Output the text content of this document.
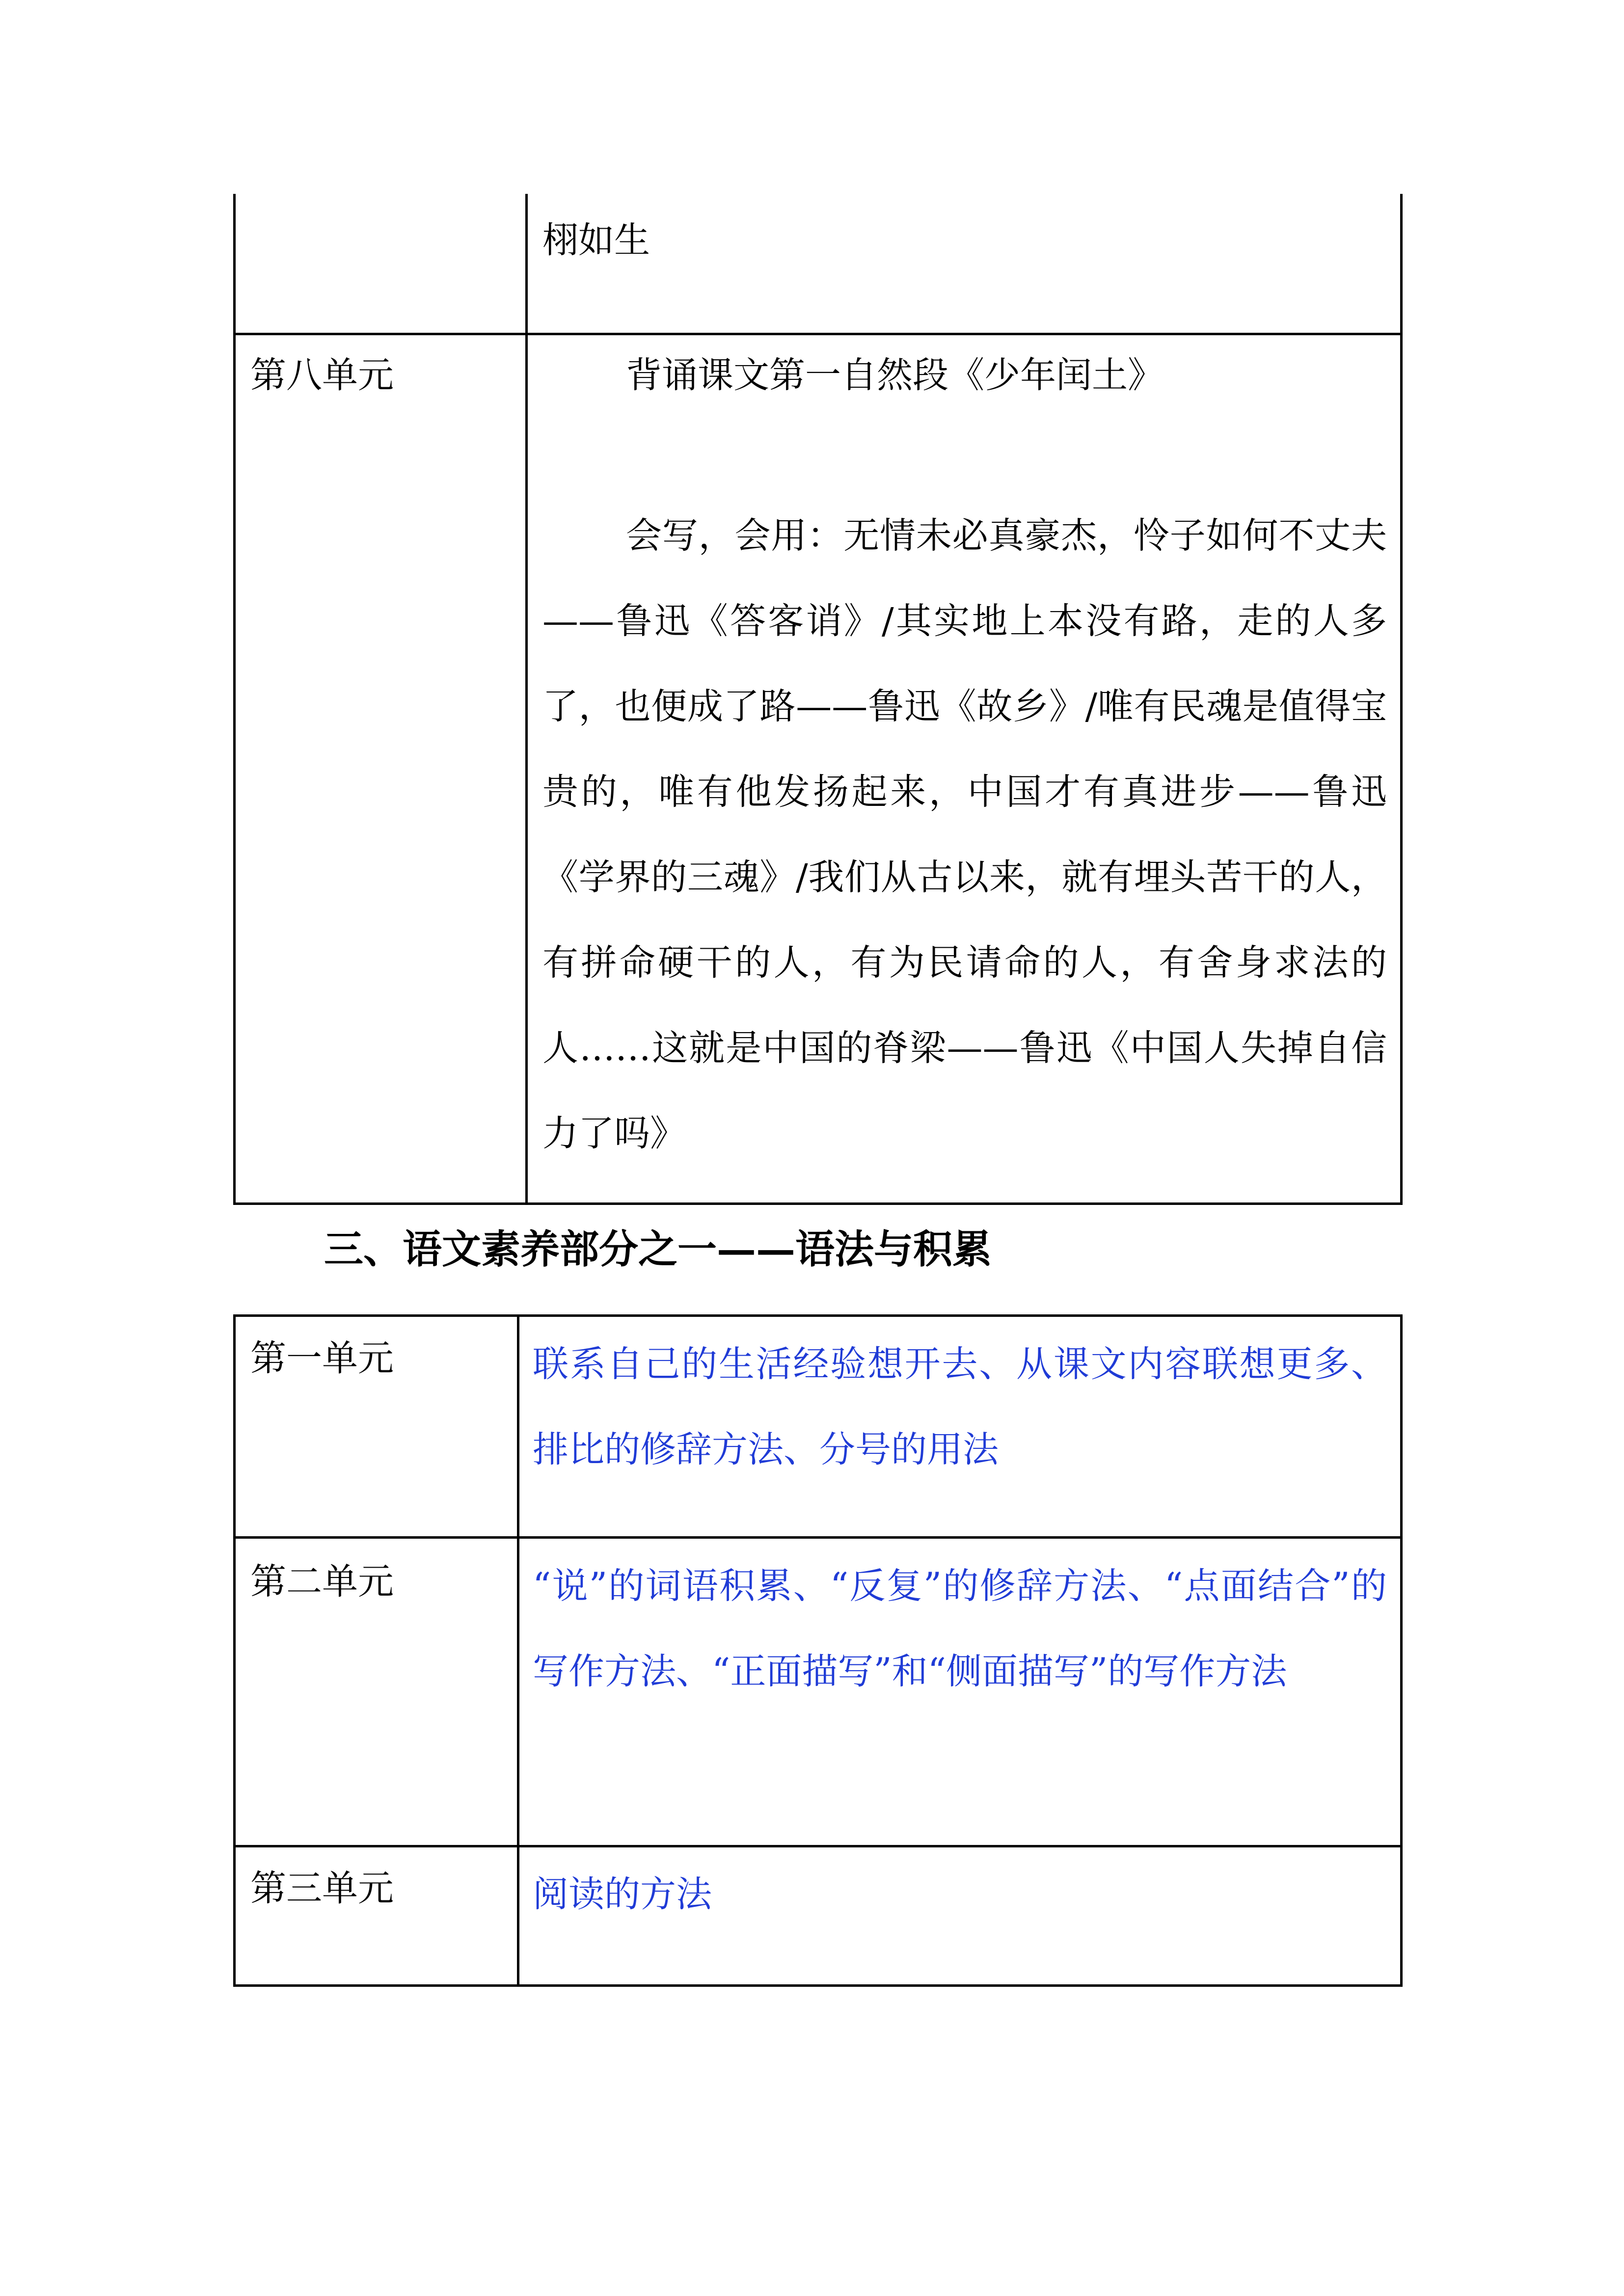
栩如生
第八单元	背诵课文第一自然段《少年闰土》
会写，会用：无情未必真豪杰，怜子如何不丈夫——鲁迅《答客诮》/其实地上本没有路，走的人多了，也便成了路——鲁迅《故乡》/唯有民魂是值得宝贵的，唯有他发扬起来，中国才有真进步——鲁迅《学界的三魂》/我们从古以来，就有埋头苦干的人，有拼命硬干的人，有为民请命的人，有舍身求法的人……这就是中国的脊梁——鲁迅《中国人失掉自信力了吗》
三、语文素养部分之一——语法与积累
第一单元	联系自己的生活经验想开去、从课文内容联想更多、排比的修辞方法、分号的用法
第二单元	“说”的词语积累、“反复”的修辞方法、“点面结合”的写作方法、“正面描写”和“侧面描写”的写作方法
第三单元	阅读的方法
